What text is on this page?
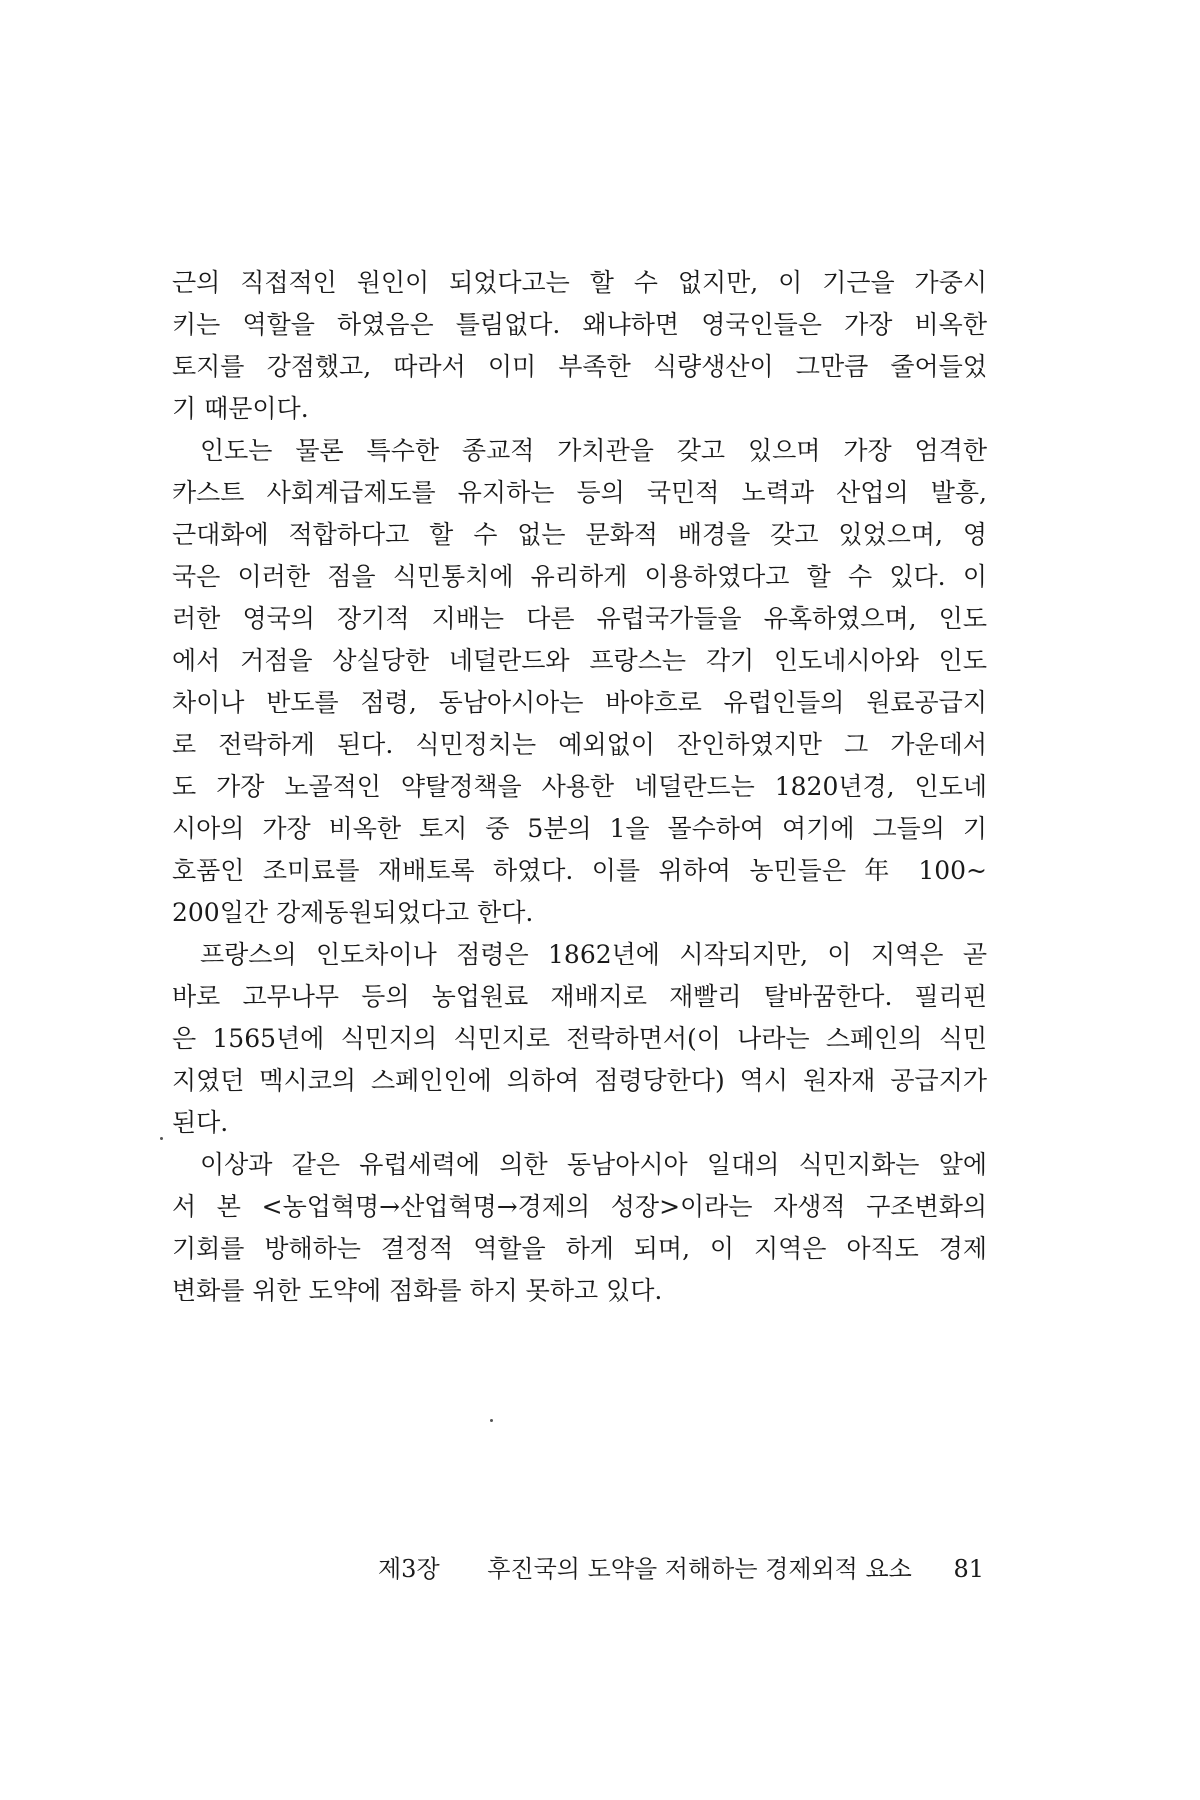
근의 직접적인 원인이 되었다고는 할 수 없지만, 이 기근을 가중시
키는 역할을 하였음은 틀림없다. 왜냐하면 영국인들은 가장 비옥한
토지를 강점했고, 따라서 이미 부족한 식량생산이 그만큼 줄어들었
기 때문이다.
인도는 물론 특수한 종교적 가치관을 갖고 있으며 가장 엄격한
카스트 사회계급제도를 유지하는 등의 국민적 노력과 산업의 발흥,
근대화에 적합하다고 할 수 없는 문화적 배경을 갖고 있었으며, 영
국은 이러한 점을 식민통치에 유리하게 이용하였다고 할 수 있다. 이
러한 영국의 장기적 지배는 다른 유럽국가들을 유혹하였으며, 인도
에서 거점을 상실당한 네덜란드와 프랑스는 각기 인도네시아와 인도
차이나 반도를 점령, 동남아시아는 바야흐로 유럽인들의 원료공급지
로 전락하게 된다. 식민정치는 예외없이 잔인하였지만 그 가운데서
도 가장 노골적인 약탈정책을 사용한 네덜란드는 1820년경, 인도네
시아의 가장 비옥한 토지 중 5분의 1을 몰수하여 여기에 그들의 기
호품인 조미료를 재배토록 하였다. 이를 위하여 농민들은 年 100~
200일간 강제동원되었다고 한다.
프랑스의 인도차이나 점령은 1862년에 시작되지만, 이 지역은 곧
바로 고무나무 등의 농업원료 재배지로 재빨리 탈바꿈한다. 필리핀
은 1565년에 식민지의 식민지로 전락하면서(이 나라는 스페인의 식민
지였던 멕시코의 스페인인에 의하여 점령당한다) 역시 원자재 공급지가
된다.
이상과 같은 유럽세력에 의한 동남아시아 일대의 식민지화는 앞에
서 본 <농업혁명→산업혁명→경제의 성장>이라는 자생적 구조변화의
기회를 방해하는 결정적 역할을 하게 되며, 이 지역은 아직도 경제
변화를 위한 도약에 점화를 하지 못하고 있다.
제3장 후진국의 도약을 저해하는 경제외적 요소 81
